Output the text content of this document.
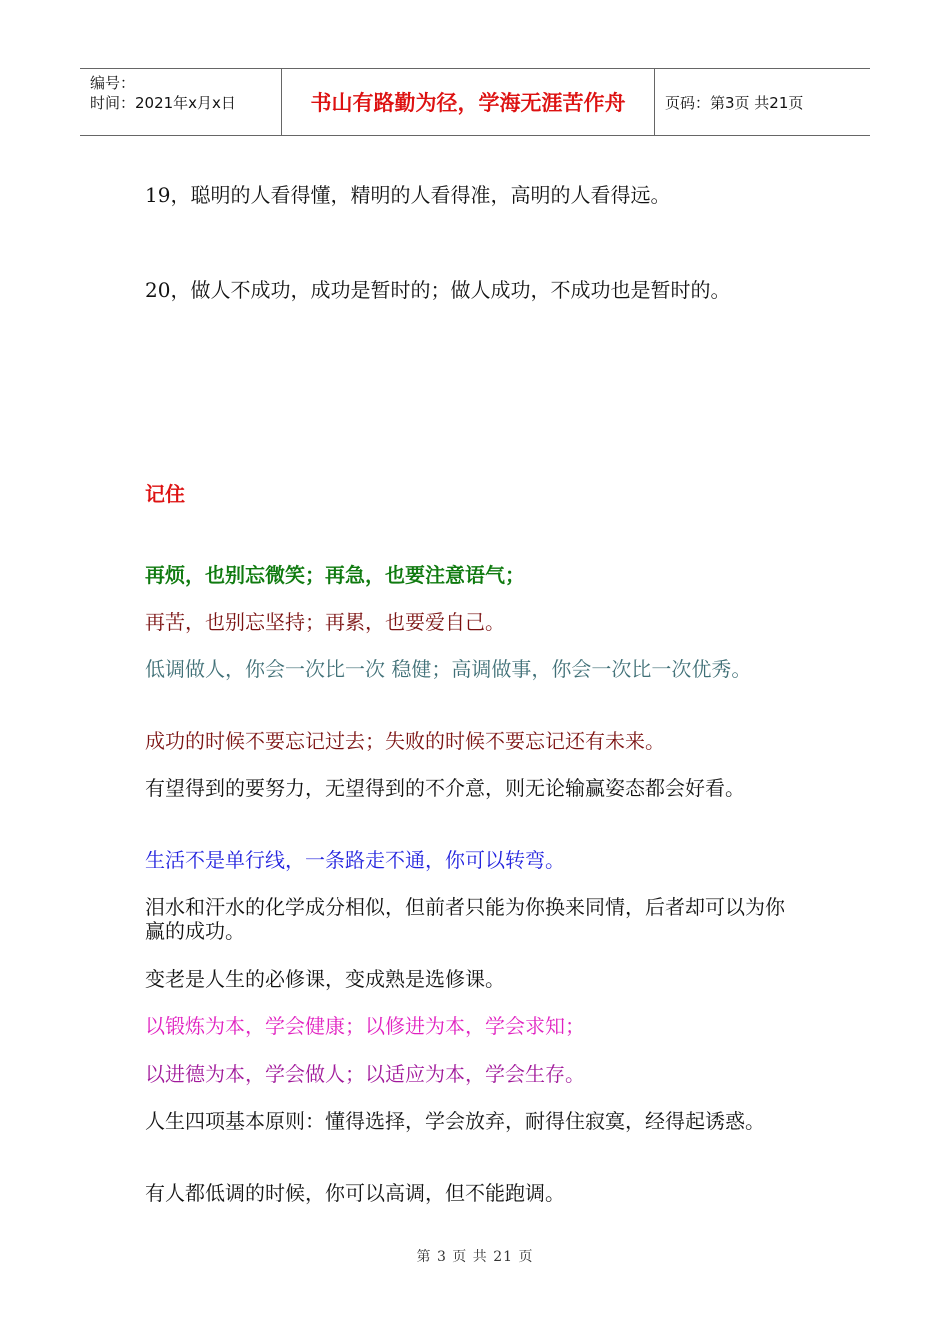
编号：
时间：2021年x月x日	书山有路勤为径，学海无涯苦作舟	页码：第3页 共21页
19，聪明的人看得懂，精明的人看得准，高明的人看得远。
20，做人不成功，成功是暂时的；做人成功，不成功也是暂时的。
记住
再烦，也别忘微笑；再急，也要注意语气；
再苦，也别忘坚持；再累，也要爱自己。
低调做人，你会一次比一次 稳健；高调做事，你会一次比一次优秀。
成功的时候不要忘记过去；失败的时候不要忘记还有未来。
有望得到的要努力，无望得到的不介意，则无论输赢姿态都会好看。
生活不是单行线，一条路走不通，你可以转弯。
泪水和汗水的化学成分相似，但前者只能为你换来同情，后者却可以为你赢的成功。
变老是人生的必修课，变成熟是选修课。
以锻炼为本，学会健康；以修进为本，学会求知；
以进德为本，学会做人；以适应为本，学会生存。
人生四项基本原则：懂得选择，学会放弃，耐得住寂寞，经得起诱惑。
有人都低调的时候，你可以高调，但不能跑调。
第 3 页 共 21 页
